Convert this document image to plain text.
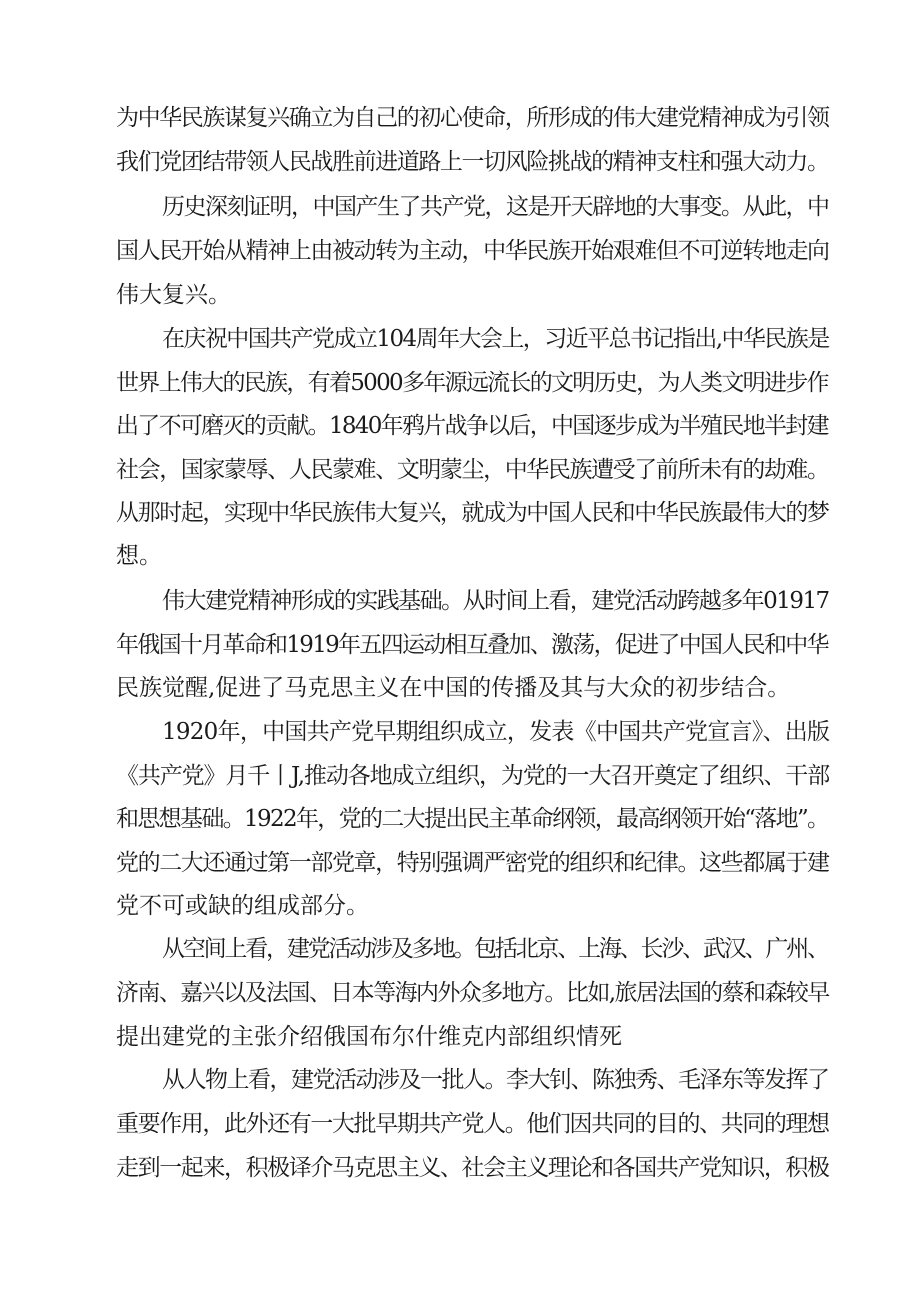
为中华民族谋复兴确立为自己的初心使命，所形成的伟大建党精神成为引领
我们党团结带领人民战胜前进道路上一切风险挑战的精神支柱和强大动力。
历史深刻证明，中国产生了共产党，这是开天辟地的大事变。从此，中
国人民开始从精神上由被动转为主动，中华民族开始艰难但不可逆转地走向
伟大复兴。
在庆祝中国共产党成立104周年大会上，习近平总书记指出,中华民族是
世界上伟大的民族，有着5000多年源远流长的文明历史，为人类文明进步作
出了不可磨灭的贡献。1840年鸦片战争以后，中国逐步成为半殖民地半封建
社会，国家蒙辱、人民蒙难、文明蒙尘，中华民族遭受了前所未有的劫难。
从那时起，实现中华民族伟大复兴，就成为中国人民和中华民族最伟大的梦
想。
伟大建党精神形成的实践基础。从时间上看，建党活动跨越多年01917
年俄国十月革命和1919年五四运动相互叠加、激荡，促进了中国人民和中华
民族觉醒,促进了马克思主义在中国的传播及其与大众的初步结合。
1920年，中国共产党早期组织成立，发表《中国共产党宣言》、出版
《共产党》月千丨J,推动各地成立组织，为党的一大召开奠定了组织、干部
和思想基础。1922年，党的二大提出民主革命纲领，最高纲领开始“落地”。
党的二大还通过第一部党章，特别强调严密党的组织和纪律。这些都属于建
党不可或缺的组成部分。
从空间上看，建党活动涉及多地。包括北京、上海、长沙、武汉、广州、
济南、嘉兴以及法国、日本等海内外众多地方。比如,旅居法国的蔡和森较早
提出建党的主张介绍俄国布尔什维克内部组织情死
从人物上看，建党活动涉及一批人。李大钊、陈独秀、毛泽东等发挥了
重要作用，此外还有一大批早期共产党人。他们因共同的目的、共同的理想
走到一起来，积极译介马克思主义、社会主义理论和各国共产党知识，积极
